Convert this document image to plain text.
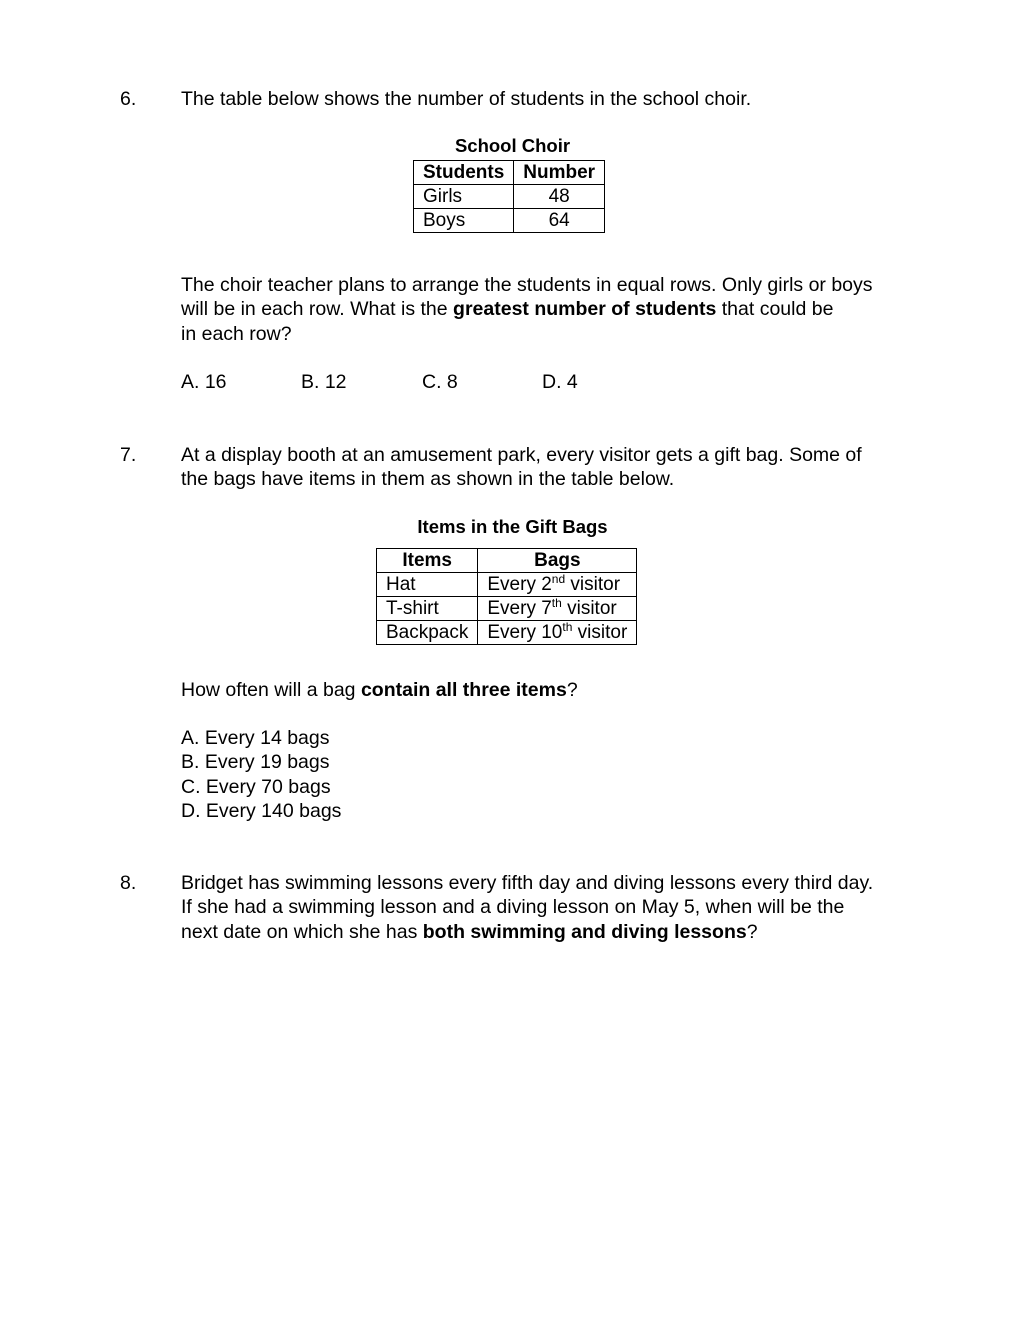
6. The table below shows the number of students in the school choir.
School Choir
Students	Number
Girls	48
Boys	64
The choir teacher plans to arrange the students in equal rows. Only girls or boys
will be in each row. What is the greatest number of students that could be
in each row?
A. 16	B. 12	C. 8	D. 4
7. At a display booth at an amusement park, every visitor gets a gift bag. Some of
the bags have items in them as shown in the table below.
Items in the Gift Bags
Items	Bags
Hat	Every 2nd visitor
T-shirt	Every 7th visitor
Backpack	Every 10th visitor
How often will a bag contain all three items?
A. Every 14 bags
B. Every 19 bags
C. Every 70 bags
D. Every 140 bags
8. Bridget has swimming lessons every fifth day and diving lessons every third day.
If she had a swimming lesson and a diving lesson on May 5, when will be the
next date on which she has both swimming and diving lessons?
